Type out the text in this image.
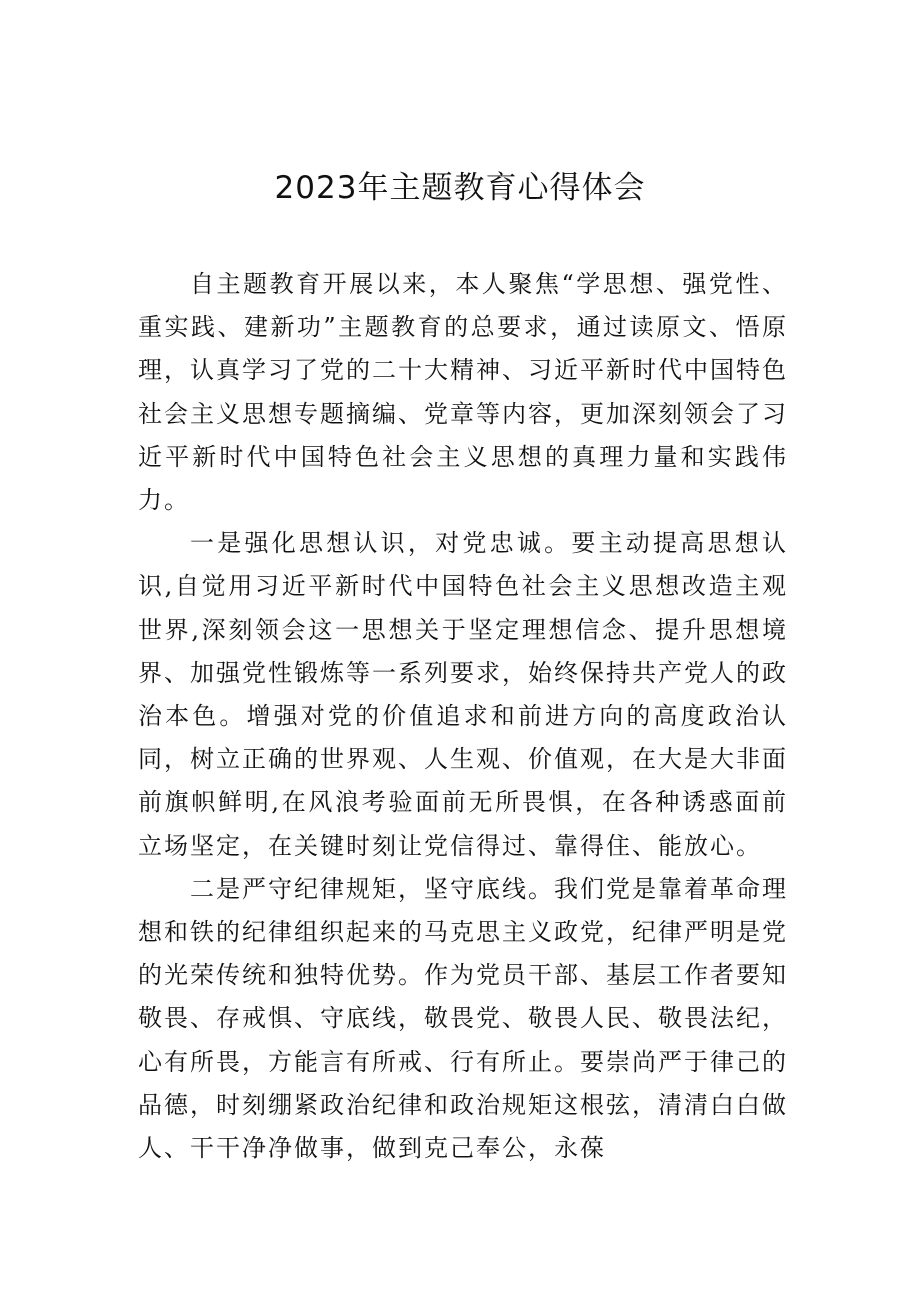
2023年主题教育心得体会

自主题教育开展以来，本人聚焦“学思想、强党性、重实践、建新功”主题教育的总要求，通过读原文、悟原理，认真学习了党的二十大精神、习近平新时代中国特色社会主义思想专题摘编、党章等内容，更加深刻领会了习近平新时代中国特色社会主义思想的真理力量和实践伟力。

一是强化思想认识，对党忠诚。要主动提高思想认识,自觉用习近平新时代中国特色社会主义思想改造主观世界,深刻领会这一思想关于坚定理想信念、提升思想境界、加强党性锻炼等一系列要求，始终保持共产党人的政治本色。增强对党的价值追求和前进方向的高度政治认同，树立正确的世界观、人生观、价值观，在大是大非面前旗帜鲜明,在风浪考验面前无所畏惧，在各种诱惑面前立场坚定，在关键时刻让党信得过、靠得住、能放心。

二是严守纪律规矩，坚守底线。我们党是靠着革命理想和铁的纪律组织起来的马克思主义政党，纪律严明是党的光荣传统和独特优势。作为党员干部、基层工作者要知敬畏、存戒惧、守底线，敬畏党、敬畏人民、敬畏法纪，心有所畏，方能言有所戒、行有所止。要崇尚严于律己的品德，时刻绷紧政治纪律和政治规矩这根弦，清清白白做人、干干净净做事，做到克己奉公，永葆
